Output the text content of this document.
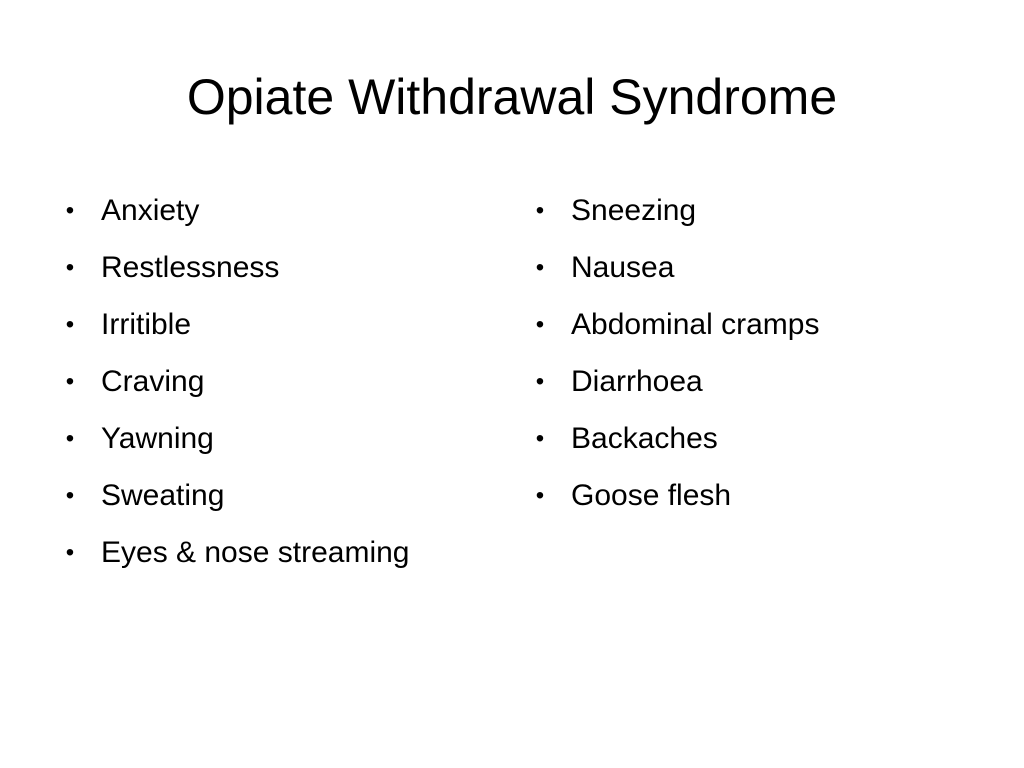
Opiate Withdrawal Syndrome
• Anxiety
• Restlessness
• Irritible
• Craving
• Yawning
• Sweating
• Eyes & nose streaming
• Sneezing
• Nausea
• Abdominal cramps
• Diarrhoea
• Backaches
• Goose flesh
